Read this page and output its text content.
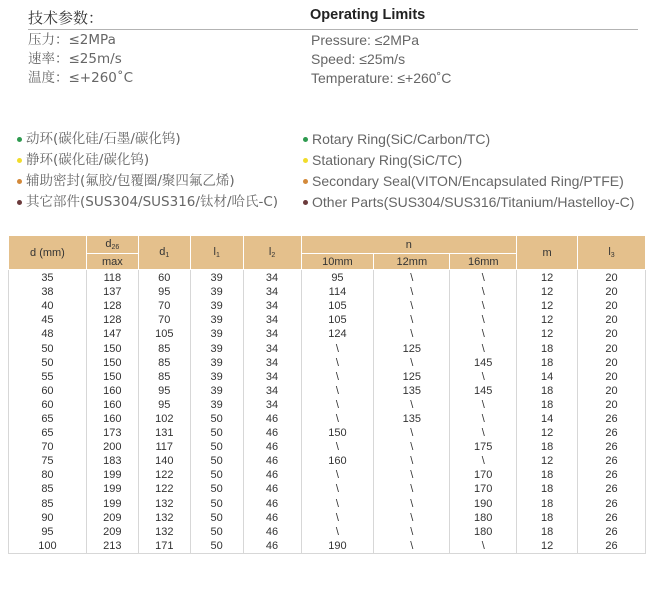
技术参数：	Operating Limits
压力：≤2MPa
速率：≤25m/s
温度：≤+260˚C
Pressure: ≤2MPa
Speed: ≤25m/s
Temperature: ≤+260˚C
动环(碳化硅/石墨/碳化钨)
静环(碳化硅/碳化钨)
辅助密封(氟胶/包覆圈/聚四氟乙烯)
其它部件(SUS304/SUS316/钛材/哈氏-C)
Rotary Ring(SiC/Carbon/TC)
Stationary Ring(SiC/TC)
Secondary Seal(VITON/Encapsulated Ring/PTFE)
Other Parts(SUS304/SUS316/Titanium/Hastelloy-C)
d (mm)	$d_{26}$	$d_1$	$l_1$	$l_2$	n			m	$l_3$
	max				10mm	12mm	16mm		
35	118	60	39	34	95	\	\	12	20
38	137	95	39	34	114	\	\	12	20
40	128	70	39	34	105	\	\	12	20
45	128	70	39	34	105	\	\	12	20
48	147	105	39	34	124	\	\	12	20
50	150	85	39	34	\	125	\	18	20
50	150	85	39	34	\	\	145	18	20
55	150	85	39	34	\	125	\	14	20
60	160	95	39	34	\	135	145	18	20
60	160	95	39	34	\	\	\	18	20
65	160	102	50	46	\	135	\	14	26
65	173	131	50	46	150	\	\	12	26
70	200	117	50	46	\	\	175	18	26
75	183	140	50	46	160	\	\	12	26
80	199	122	50	46	\	\	170	18	26
85	199	122	50	46	\	\	170	18	26
85	199	132	50	46	\	\	190	18	26
90	209	132	50	46	\	\	180	18	26
95	209	132	50	46	\	\	180	18	26
100	213	171	50	46	190	\	\	12	26
